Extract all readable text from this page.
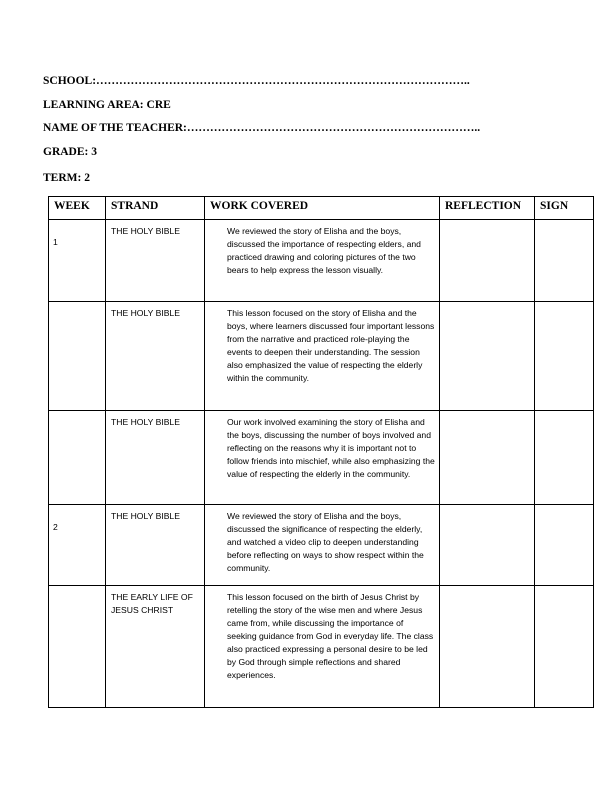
SCHOOL:……………………………………………………………………………………..
LEARNING AREA: CRE
NAME OF THE TEACHER:…………………………………………………………………..
GRADE: 3
TERM: 2
WEEK	STRAND	WORK COVERED	REFLECTION	SIGN

1	THE HOLY BIBLE	We reviewed the story of Elisha and the boys, discussed the importance of respecting elders, and practiced drawing and coloring pictures of the two bears to help express the lesson visually.		

	THE HOLY BIBLE	This lesson focused on the story of Elisha and the boys, where learners discussed four important lessons from the narrative and practiced role-playing the events to deepen their understanding. The session also emphasized the value of respecting the elderly within the community.		

	THE HOLY BIBLE	Our work involved examining the story of Elisha and the boys, discussing the number of boys involved and reflecting on the reasons why it is important not to follow friends into mischief, while also emphasizing the value of respecting the elderly in the community.		

2	THE HOLY BIBLE	We reviewed the story of Elisha and the boys, discussed the significance of respecting the elderly, and watched a video clip to deepen understanding before reflecting on ways to show respect within the community.		

	THE EARLY LIFE OF JESUS CHRIST	This lesson focused on the birth of Jesus Christ by retelling the story of the wise men and where Jesus came from, while discussing the importance of seeking guidance from God in everyday life. The class also practiced expressing a personal desire to be led by God through simple reflections and shared experiences.		
